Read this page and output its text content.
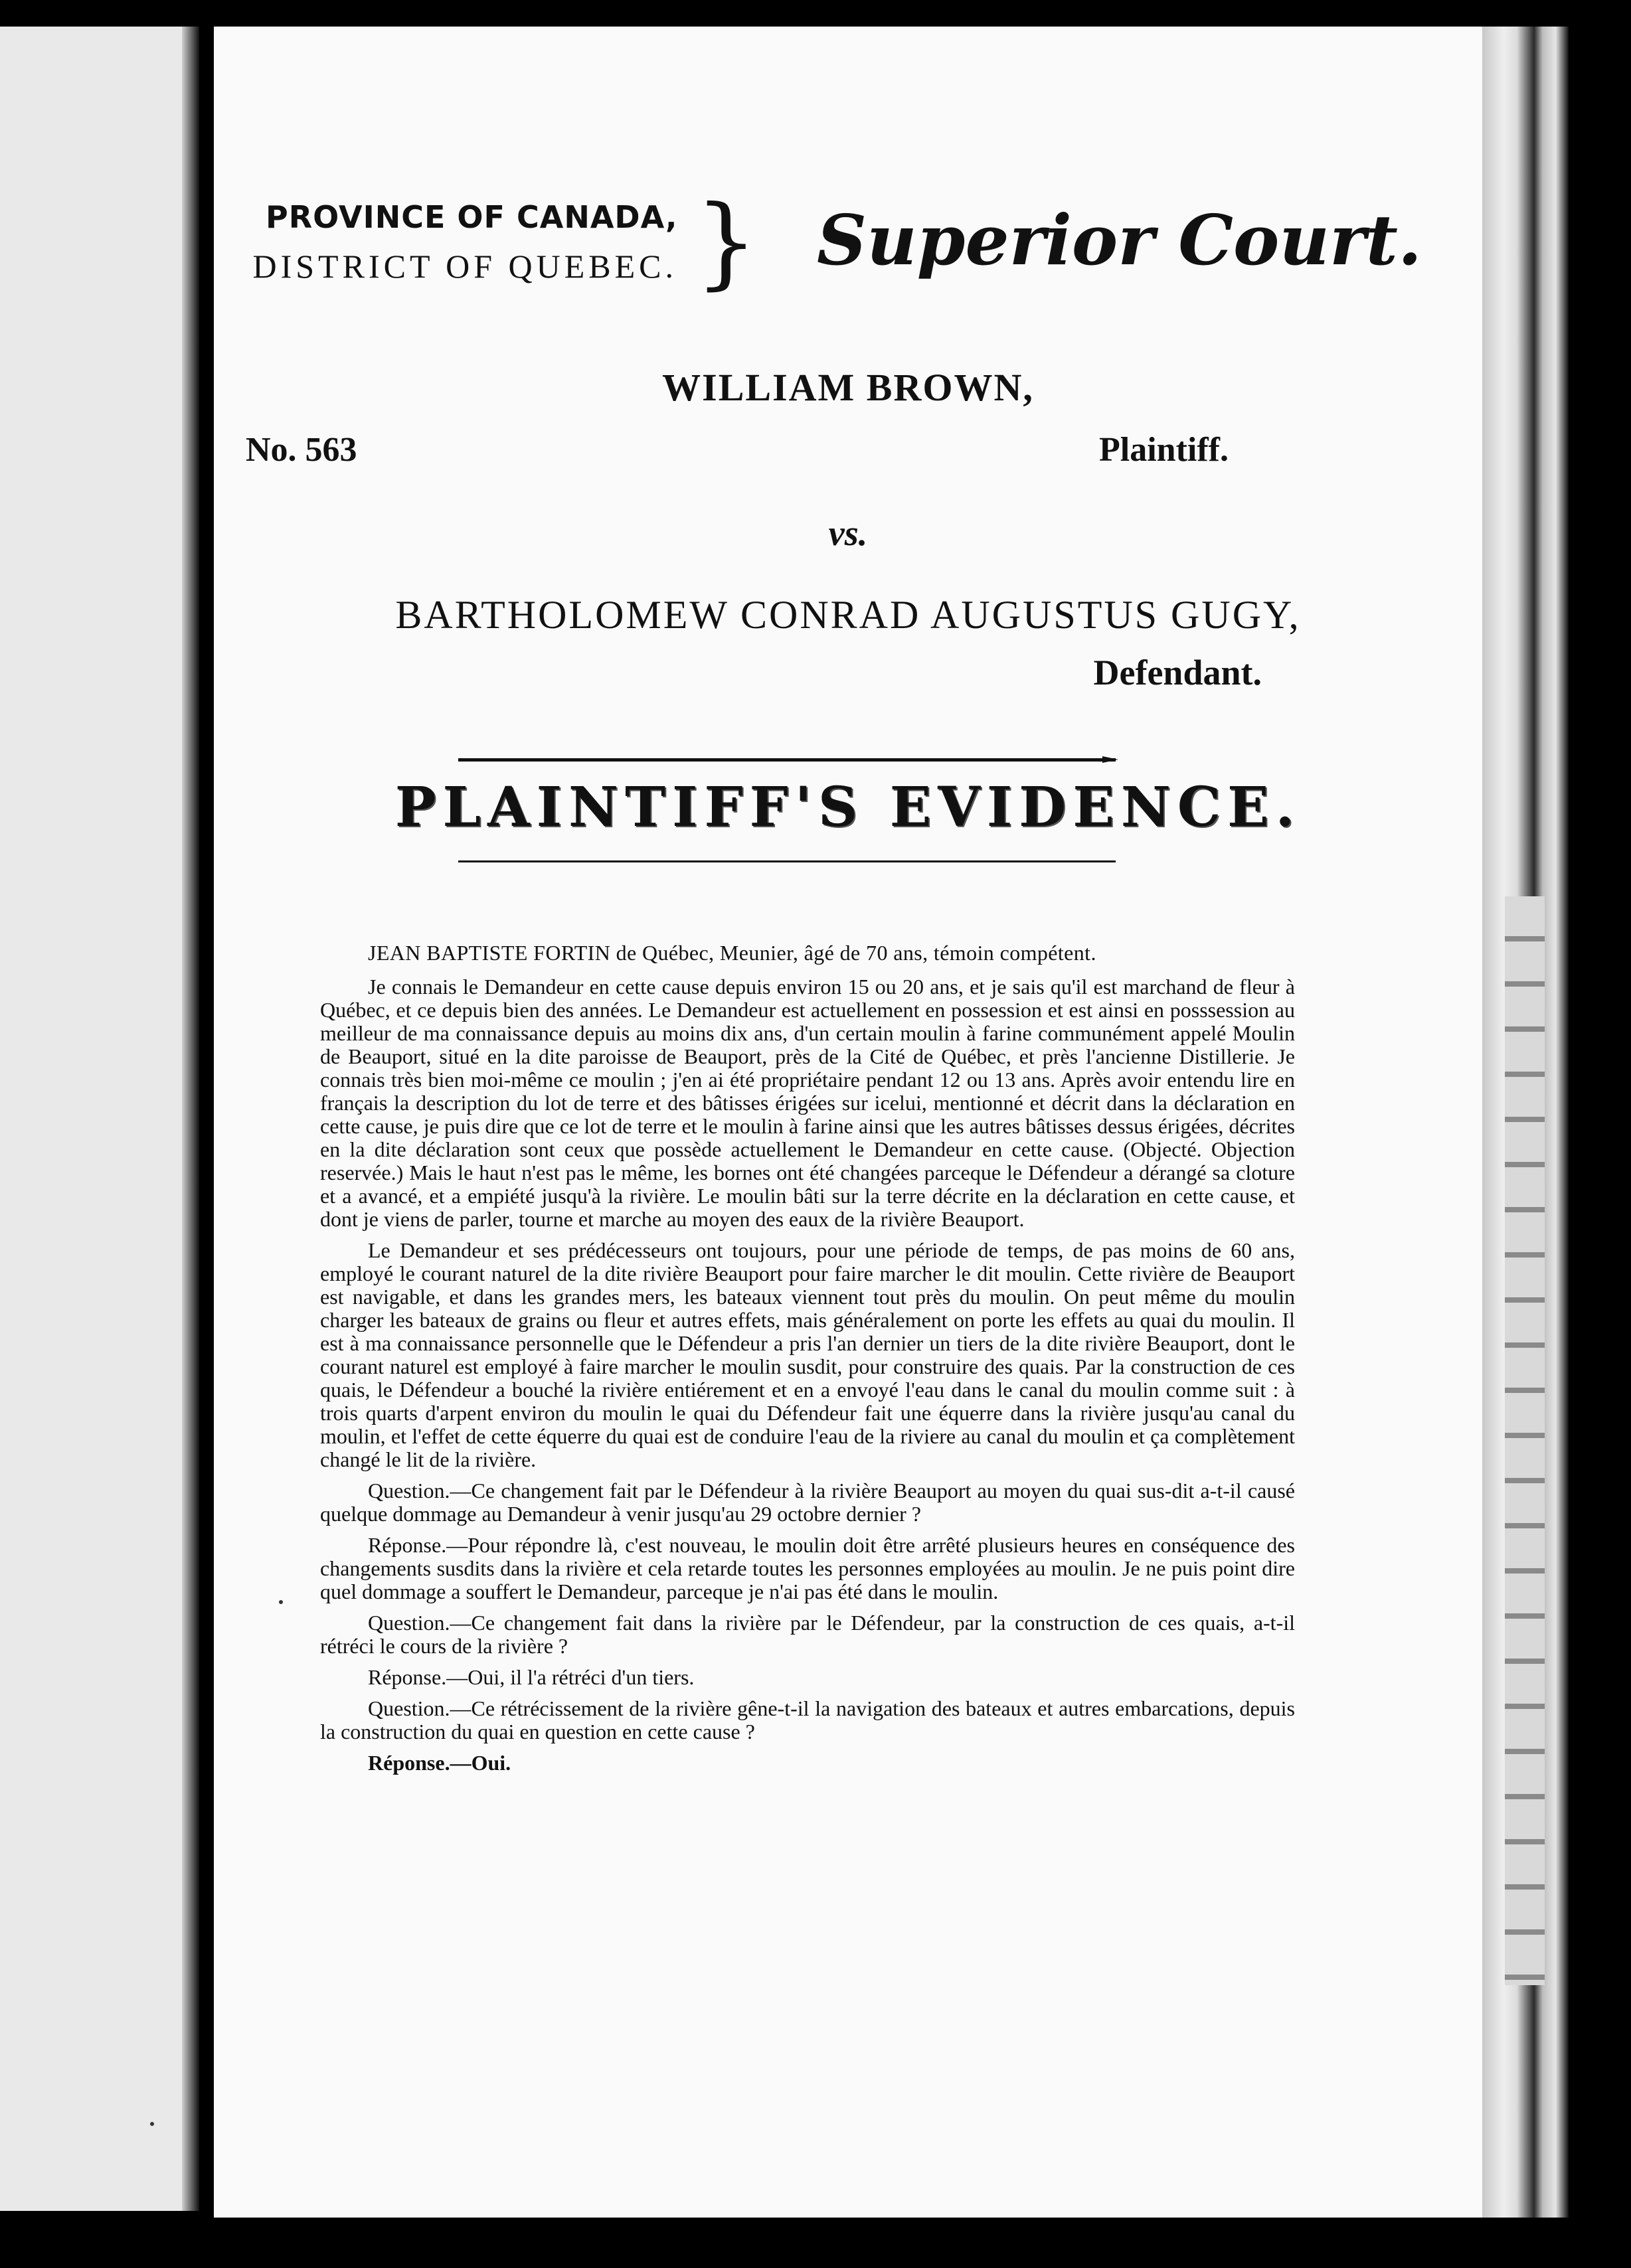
PROVINCE OF CANADA,
DISTRICT OF QUEBEC. } Superior Court.
WILLIAM BROWN,
No. 563	Plaintiff.
vs.
BARTHOLOMEW CONRAD AUGUSTUS GUGY,
Defendant.
PLAINTIFF'S EVIDENCE.

JEAN BAPTISTE FORTIN de Québec, Meunier, âgé de 70 ans, témoin compétent.

Je connais le Demandeur en cette cause depuis environ 15 ou 20 ans, et je sais qu'il est marchand de fleur à Québec, et ce depuis bien des années. Le Demandeur est actuellement en possession et est ainsi en posssession au meilleur de ma connaissance depuis au moins dix ans, d'un certain moulin à farine communément appelé Moulin de Beauport, situé en la dite paroisse de Beauport, près de la Cité de Québec, et près l'ancienne Distillerie. Je connais très bien moi-même ce moulin ; j'en ai été propriétaire pendant 12 ou 13 ans. Après avoir entendu lire en français la description du lot de terre et des bâtisses érigées sur icelui, mentionné et décrit dans la déclaration en cette cause, je puis dire que ce lot de terre et le moulin à farine ainsi que les autres bâtisses dessus érigées, décrites en la dite déclaration sont ceux que possède actuellement le Demandeur en cette cause. (Objecté. Objection reservée.) Mais le haut n'est pas le même, les bornes ont été changées parceque le Défendeur a dérangé sa cloture et a avancé, et a empiété jusqu'à la rivière. Le moulin bâti sur la terre décrite en la déclaration en cette cause, et dont je viens de parler, tourne et marche au moyen des eaux de la rivière Beauport.

Le Demandeur et ses prédécesseurs ont toujours, pour une période de temps, de pas moins de 60 ans, employé le courant naturel de la dite rivière Beauport pour faire marcher le dit moulin. Cette rivière de Beauport est navigable, et dans les grandes mers, les bateaux viennent tout près du moulin. On peut même du moulin charger les bateaux de grains ou fleur et autres effets, mais généralement on porte les effets au quai du moulin. Il est à ma connaissance personnelle que le Défendeur a pris l'an dernier un tiers de la dite rivière Beauport, dont le courant naturel est employé à faire marcher le moulin susdit, pour construire des quais. Par la construction de ces quais, le Défendeur a bouché la rivière entiérement et en a envoyé l'eau dans le canal du moulin comme suit : à trois quarts d'arpent environ du moulin le quai du Défendeur fait une équerre dans la rivière jusqu'au canal du moulin, et l'effet de cette équerre du quai est de conduire l'eau de la riviere au canal du moulin et ça complètement changé le lit de la rivière.

Question.—Ce changement fait par le Défendeur à la rivière Beauport au moyen du quai sus-dit a-t-il causé quelque dommage au Demandeur à venir jusqu'au 29 octobre dernier ?

Réponse.—Pour répondre là, c'est nouveau, le moulin doit être arrêté plusieurs heures en conséquence des changements susdits dans la rivière et cela retarde toutes les personnes employées au moulin. Je ne puis point dire quel dommage a souffert le Demandeur, parceque je n'ai pas été dans le moulin.

Question.—Ce changement fait dans la rivière par le Défendeur, par la construction de ces quais, a-t-il rétréci le cours de la rivière ?

Réponse.—Oui, il l'a rétréci d'un tiers.

Question.—Ce rétrécissement de la rivière gêne-t-il la navigation des bateaux et autres embarcations, depuis la construction du quai en question en cette cause ?

Réponse.—Oui.
